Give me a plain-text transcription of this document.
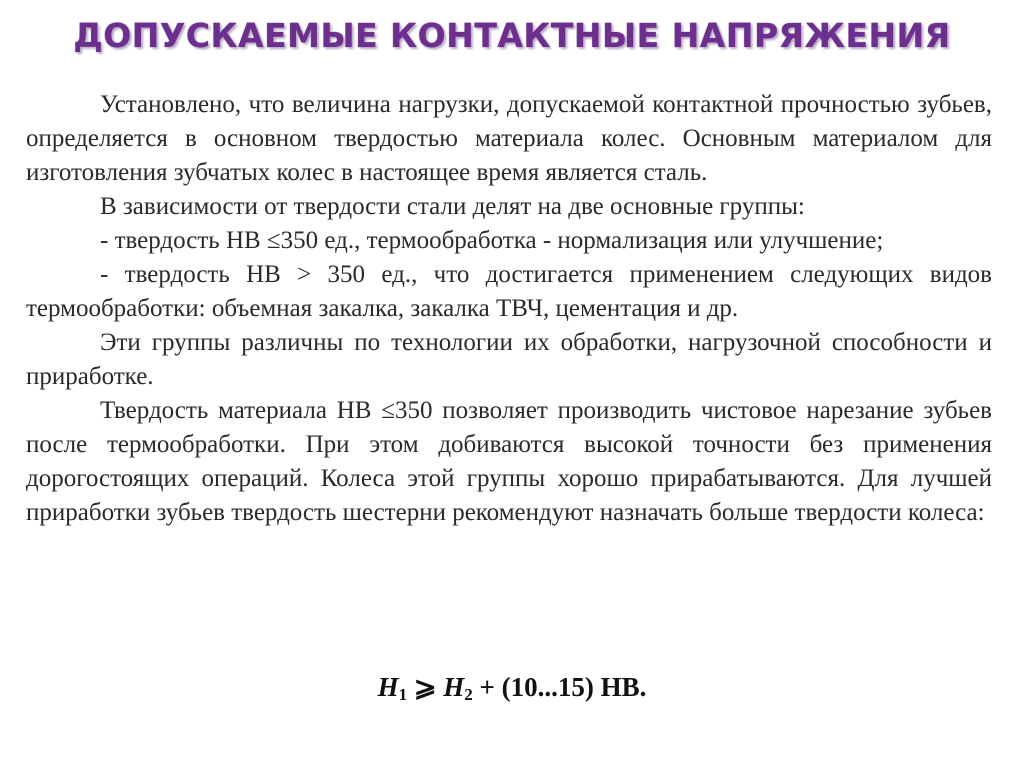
ДОПУСКАЕМЫЕ КОНТАКТНЫЕ НАПРЯЖЕНИЯ

Установлено, что величина нагрузки, допускаемой контактной прочностью зубьев, определяется в основном твердостью материала колес. Основным материалом для изготовления зубчатых колес в настоящее время является сталь.

В зависимости от твердости стали делят на две основные группы:

- твердость НВ ≤350 ед., термообработка - нормализация или улучшение;

- твердость НВ > 350 ед., что достигается применением следующих видов термообработки: объемная закалка, закалка ТВЧ, цементация и др.

Эти группы различны по технологии их обработки, нагрузочной способности и приработке.

Твердость материала НВ ≤350 позволяет производить чистовое нарезание зубьев после термообработки. При этом добиваются высокой точности без применения дорогостоящих операций. Колеса этой группы хорошо прирабатываются. Для лучшей приработки зубьев твердость шестерни рекомендуют назначать больше твердости колеса:

$H_1$ ⩾ $H_2 + (10...15)$ НВ.
